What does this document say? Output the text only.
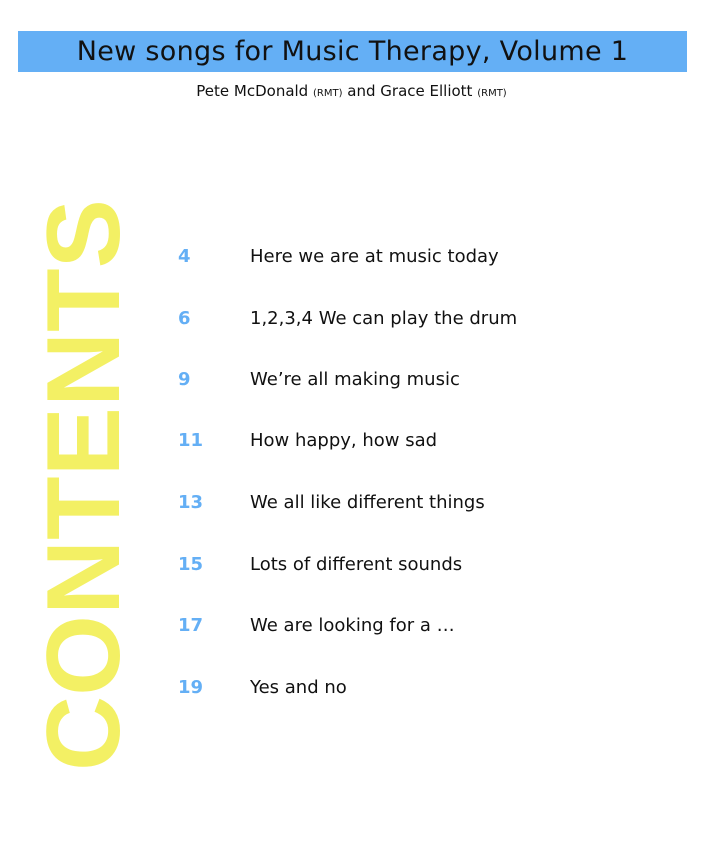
New songs for Music Therapy, Volume 1
Pete McDonald (RMT) and Grace Elliott (RMT)
CONTENTS 4	Here we are at music today
6	1,2,3,4 We can play the drum
9	We’re all making music
11	How happy, how sad
13	We all like different things
15	Lots of different sounds
17	We are looking for a …
19	Yes and no
